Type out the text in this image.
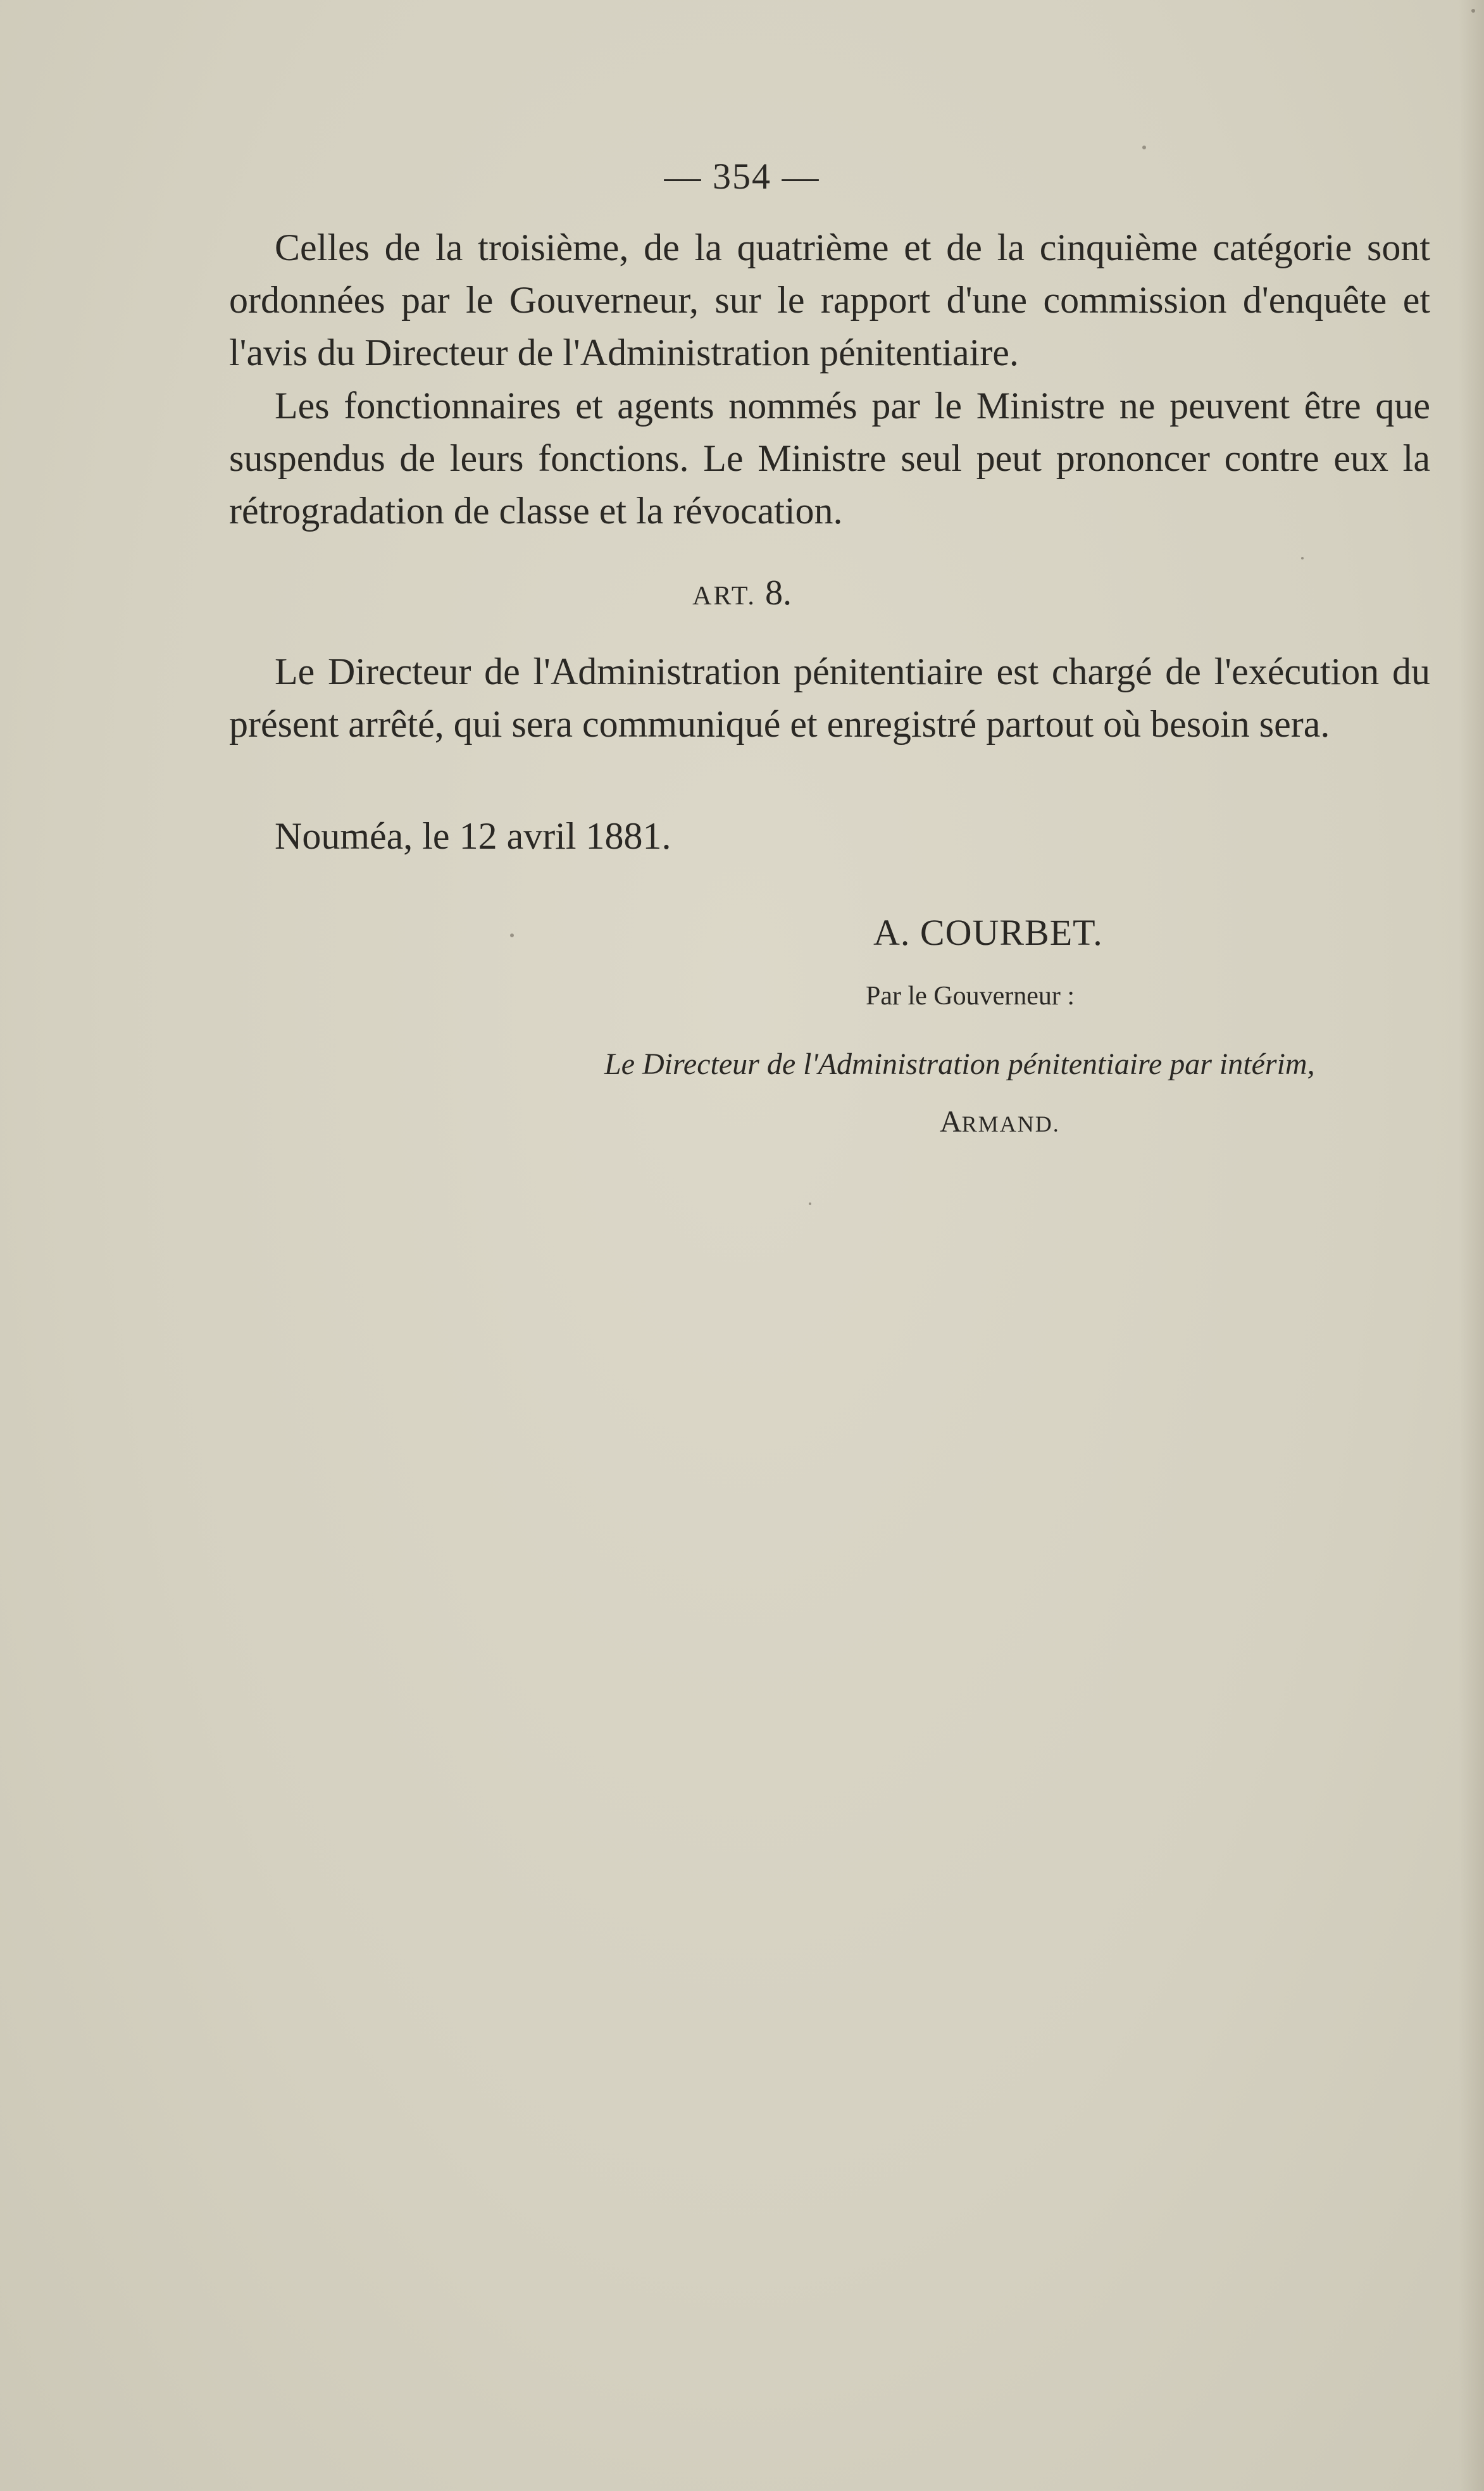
— 354 —

Celles de la troisième, de la quatrième et de la cinquième catégorie sont ordonnées par le Gouverneur, sur le rapport d'une commission d'enquête et l'avis du Directeur de l'Administration pénitentiaire.

Les fonctionnaires et agents nommés par le Ministre ne peuvent être que suspendus de leurs fonctions. Le Ministre seul peut prononcer contre eux la rétrogradation de classe et la révocation.

ART. 8.

Le Directeur de l'Administration pénitentiaire est chargé de l'exécution du présent arrêté, qui sera communiqué et enregistré partout où besoin sera.

Nouméa, le 12 avril 1881.

A. COURBET.
Par le Gouverneur :
Le Directeur de l'Administration pénitentiaire par intérim,
ARMAND.
